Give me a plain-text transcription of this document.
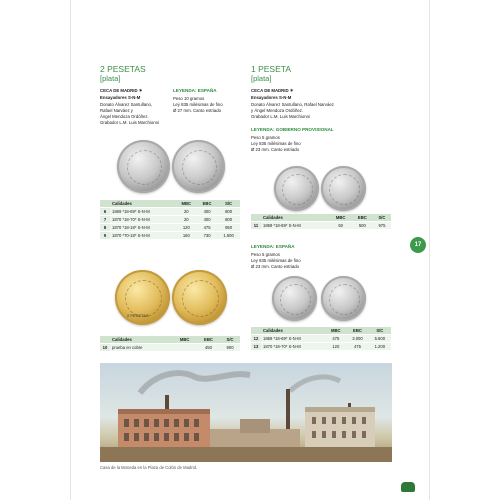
2 PESETAS
[plata]
CECA DE MADRID ✶
Ensayadores S-N-M
Donato Álvarez Santullano,
Rafael Narváez y
Ángel Mendoza Ordóñez.
Grabador L.M. Luis Marchionni
LEYENDA: ESPAÑA
Peso 10 gramos
Ley 835 milésimas de fino
Ø 27 mm. Canto estriado
	Calidades	MBC	EBC	S/C
6	1869 *18-69* S-N-M	20	400	800
7	1870 *18-70* S-N-M	20	400	800
8	1870 *18-18* S-N-M	120	475	950
9	1870 *70-18* S-N-M	160	730	1.500
2 PESETAS
	Calidades	MBC	EBC	S/C
10	prueba en cobre		450	900
1 PESETA
[plata]
CECA DE MADRID ✶
Ensayadores S-N-M
Donato Álvarez Santullano, Rafael Narváez
y Ángel Mendoza Ordóñez.
Grabador L.M. Luis Marchionni
LEYENDA: GOBIERNO PROVISIONAL
Peso 5 gramos
Ley 835 milésimas de fino
Ø 23 mm. Canto estriado
	Calidades	MBC	EBC	S/C
11	1869 *18-69* S-N-M	50	500	975
LEYENDA: ESPAÑA
Peso 5 gramos
Ley 835 milésimas de fino
Ø 23 mm. Canto estriado
	Calidades	MBC	EBC	S/C
12	1869 *18-69* S-N-M	475	3.000	5.600
13	1870 *18-70* S-N-M	120	475	1.200
17
Casa de la Moneda en la Plaza de Colón de Madrid.
